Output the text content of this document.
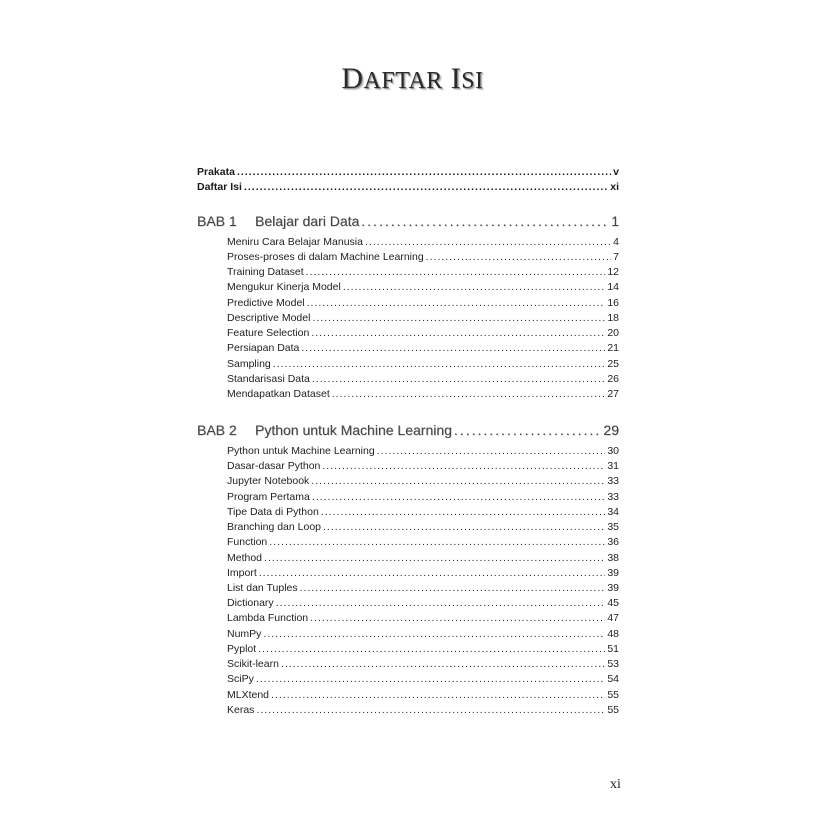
DAFTAR ISI
Prakata .....	v
Daftar Isi .....	xi
BAB 1 Belajar dari Data .....	1
Meniru Cara Belajar Manusia .....	4
Proses-proses di dalam Machine Learning .....	7
Training Dataset .....	12
Mengukur Kinerja Model .....	14
Predictive Model .....	16
Descriptive Model .....	18
Feature Selection .....	20
Persiapan Data .....	21
Sampling .....	25
Standarisasi Data .....	26
Mendapatkan Dataset .....	27
BAB 2 Python untuk Machine Learning .....	29
Python untuk Machine Learning .....	30
Dasar-dasar Python .....	31
Jupyter Notebook .....	33
Program Pertama .....	33
Tipe Data di Python .....	34
Branching dan Loop .....	35
Function .....	36
Method .....	38
Import .....	39
List dan Tuples .....	39
Dictionary .....	45
Lambda Function .....	47
NumPy .....	48
Pyplot .....	51
Scikit-learn .....	53
SciPy .....	54
MLXtend .....	55
Keras .....	55
xi
